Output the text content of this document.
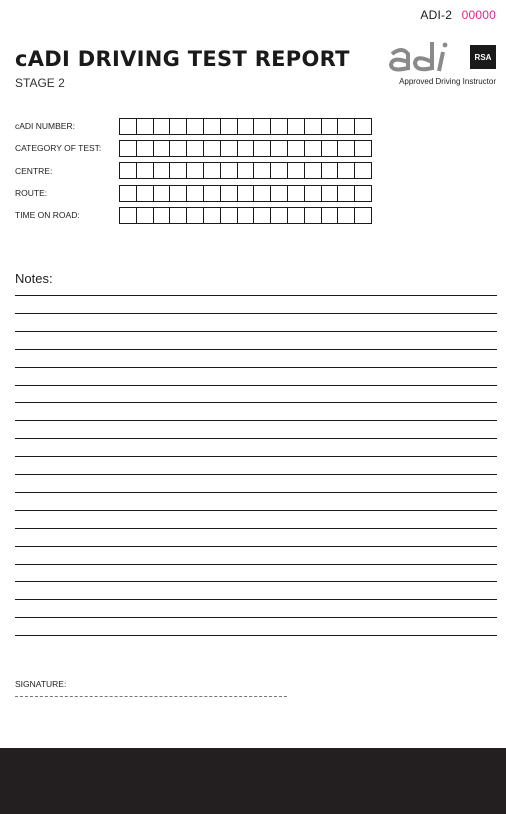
ADI-2 00000
cADI DRIVING TEST REPORT
STAGE 2
RSA
Approved Driving Instructor
cADI NUMBER:
CATEGORY OF TEST:
CENTRE:
ROUTE:
TIME ON ROAD:
Notes:
SIGNATURE:
